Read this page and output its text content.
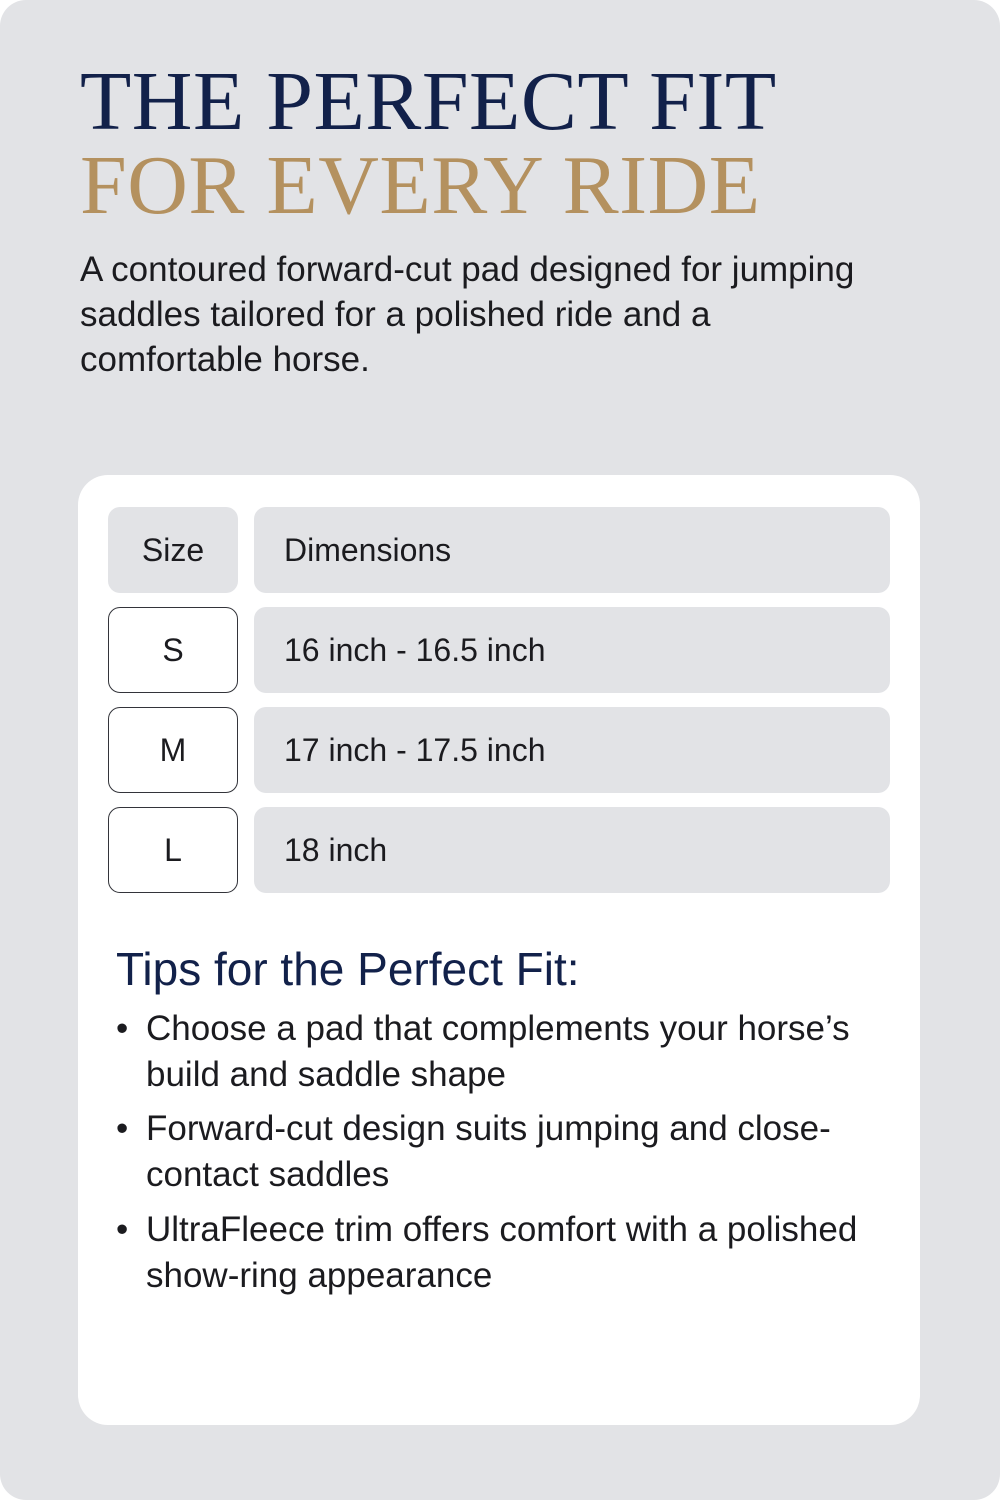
THE PERFECT FIT
FOR EVERY RIDE

A contoured forward-cut pad designed for jumping saddles tailored for a polished ride and a comfortable horse.

Size	Dimensions
S	16 inch - 16.5 inch
M	17 inch - 17.5 inch
L	18 inch
Tips for the Perfect Fit:
• Choose a pad that complements your horse’s build and saddle shape
• Forward-cut design suits jumping and close-contact saddles
• UltraFleece trim offers comfort with a polished show-ring appearance
